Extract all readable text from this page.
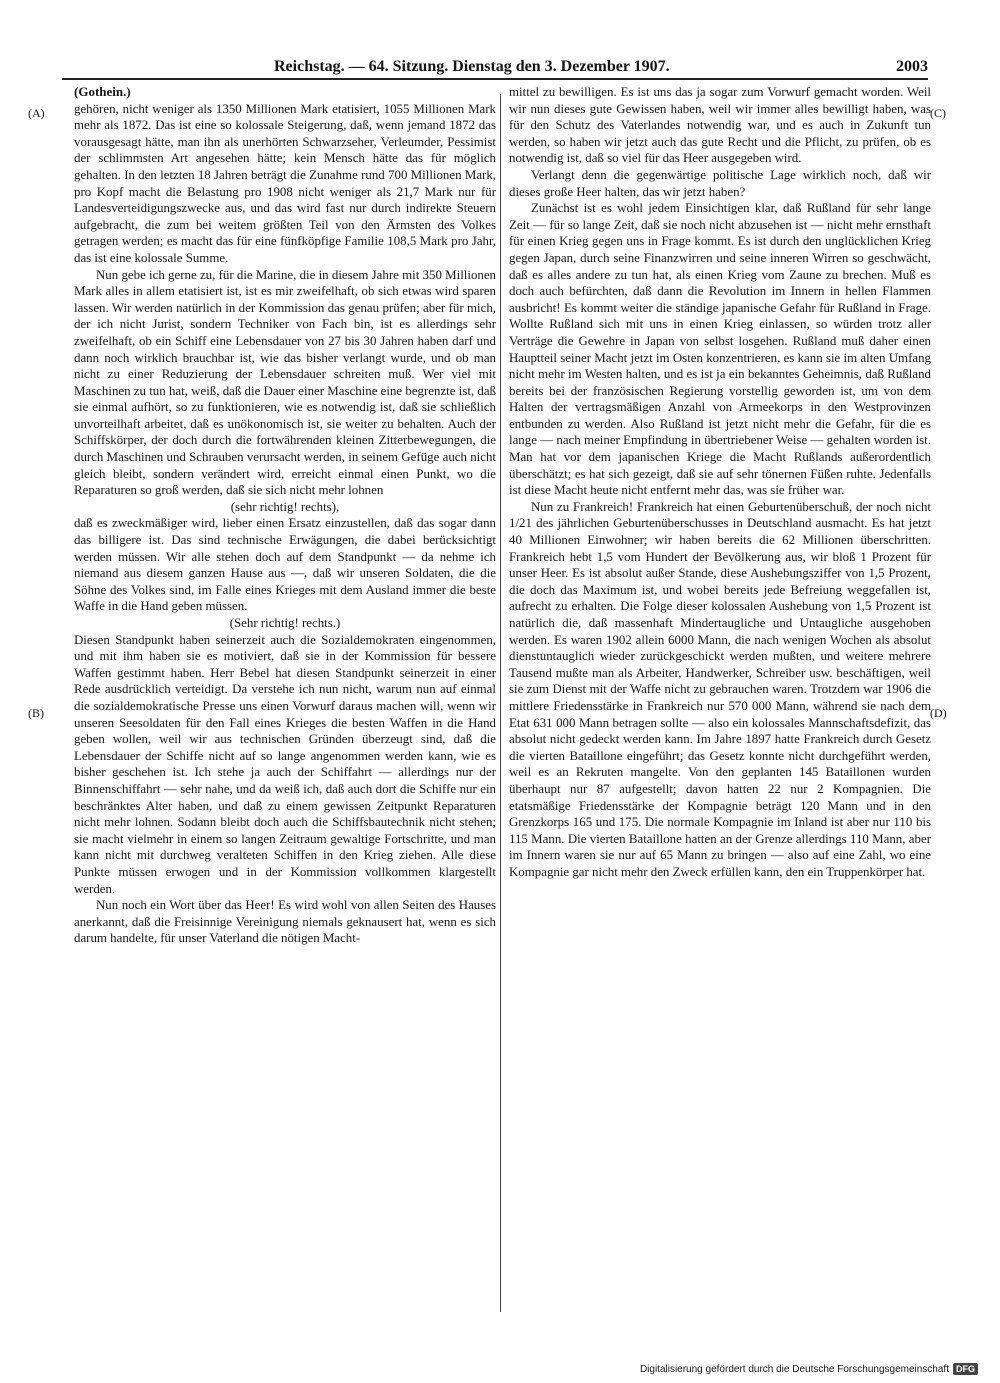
Reichstag. — 64. Sitzung. Dienstag den 3. Dezember 1907.	2003
(A)
(B)
(C)
(D)
(Gothein.)

gehören, nicht weniger als 1350 Millionen Mark etatisiert, 1055 Millionen Mark mehr als 1872. Das ist eine so kolossale Steigerung, daß, wenn jemand 1872 das vorausgesagt hätte, man ihn als unerhörten Schwarzseher, Verleumder, Pessimist der schlimmsten Art angesehen hätte; kein Mensch hätte das für möglich gehalten. In den letzten 18 Jahren beträgt die Zunahme rund 700 Millionen Mark, pro Kopf macht die Belastung pro 1908 nicht weniger als 21,7 Mark nur für Landesverteidigungszwecke aus, und das wird fast nur durch indirekte Steuern aufgebracht, die zum bei weitem größten Teil von den Ärmsten des Volkes getragen werden; es macht das für eine fünfköpfige Familie 108,5 Mark pro Jahr, das ist eine kolossale Summe.

Nun gebe ich gerne zu, für die Marine, die in diesem Jahre mit 350 Millionen Mark alles in allem etatisiert ist, ist es mir zweifelhaft, ob sich etwas wird sparen lassen. Wir werden natürlich in der Kommission das genau prüfen; aber für mich, der ich nicht Jurist, sondern Techniker von Fach bin, ist es allerdings sehr zweifelhaft, ob ein Schiff eine Lebensdauer von 27 bis 30 Jahren haben darf und dann noch wirklich brauchbar ist, wie das bisher verlangt wurde, und ob man nicht zu einer Reduzierung der Lebensdauer schreiten muß. Wer viel mit Maschinen zu tun hat, weiß, daß die Dauer einer Maschine eine begrenzte ist, daß sie einmal aufhört, so zu funktionieren, wie es notwendig ist, daß sie schließlich unvorteilhaft arbeitet, daß es unökonomisch ist, sie weiter zu behalten. Auch der Schiffskörper, der doch durch die fortwährenden kleinen Zitterbewegungen, die durch Maschinen und Schrauben verursacht werden, in seinem Gefüge auch nicht gleich bleibt, sondern verändert wird, erreicht einmal einen Punkt, wo die Reparaturen so groß werden, daß sie sich nicht mehr lohnen

(sehr richtig! rechts),

daß es zweckmäßiger wird, lieber einen Ersatz einzustellen, daß das sogar dann das billigere ist. Das sind technische Erwägungen, die dabei berücksichtigt werden müssen. Wir alle stehen doch auf dem Standpunkt — da nehme ich niemand aus diesem ganzen Hause aus —, daß wir unseren Soldaten, die die Söhne des Volkes sind, im Falle eines Krieges mit dem Ausland immer die beste Waffe in die Hand geben müssen.

(Sehr richtig! rechts.)

Diesen Standpunkt haben seinerzeit auch die Sozialdemokraten eingenommen, und mit ihm haben sie es motiviert, daß sie in der Kommission für bessere Waffen gestimmt haben. Herr Bebel hat diesen Standpunkt seinerzeit in einer Rede ausdrücklich verteidigt. Da verstehe ich nun nicht, warum nun auf einmal die sozialdemokratische Presse uns einen Vorwurf daraus machen will, wenn wir unseren Seesoldaten für den Fall eines Krieges die besten Waffen in die Hand geben wollen, weil wir aus technischen Gründen überzeugt sind, daß die Lebensdauer der Schiffe nicht auf so lange angenommen werden kann, wie es bisher geschehen ist. Ich stehe ja auch der Schiffahrt — allerdings nur der Binnenschiffahrt — sehr nahe, und da weiß ich, daß auch dort die Schiffe nur ein beschränktes Alter haben, und daß zu einem gewissen Zeitpunkt Reparaturen nicht mehr lohnen. Sodann bleibt doch auch die Schiffsbautechnik nicht stehen; sie macht vielmehr in einem so langen Zeitraum gewaltige Fortschritte, und man kann nicht mit durchweg veralteten Schiffen in den Krieg ziehen. Alle diese Punkte müssen erwogen und in der Kommission vollkommen klargestellt werden.

Nun noch ein Wort über das Heer! Es wird wohl von allen Seiten des Hauses anerkannt, daß die Freisinnige Vereinigung niemals geknausert hat, wenn es sich darum handelte, für unser Vaterland die nötigen Macht-

mittel zu bewilligen. Es ist uns das ja sogar zum Vorwurf gemacht worden. Weil wir nun dieses gute Gewissen haben, weil wir immer alles bewilligt haben, was für den Schutz des Vaterlandes notwendig war, und es auch in Zukunft tun werden, so haben wir jetzt auch das gute Recht und die Pflicht, zu prüfen, ob es notwendig ist, daß so viel für das Heer ausgegeben wird.

Verlangt denn die gegenwärtige politische Lage wirklich noch, daß wir dieses große Heer halten, das wir jetzt haben?

Zunächst ist es wohl jedem Einsichtigen klar, daß Rußland für sehr lange Zeit — für so lange Zeit, daß sie noch nicht abzusehen ist — nicht mehr ernsthaft für einen Krieg gegen uns in Frage kommt. Es ist durch den unglücklichen Krieg gegen Japan, durch seine Finanzwirren und seine inneren Wirren so geschwächt, daß es alles andere zu tun hat, als einen Krieg vom Zaune zu brechen. Muß es doch auch befürchten, daß dann die Revolution im Innern in hellen Flammen ausbricht! Es kommt weiter die ständige japanische Gefahr für Rußland in Frage. Wollte Rußland sich mit uns in einen Krieg einlassen, so würden trotz aller Verträge die Gewehre in Japan von selbst losgehen. Rußland muß daher einen Hauptteil seiner Macht jetzt im Osten konzentrieren, es kann sie im alten Umfang nicht mehr im Westen halten, und es ist ja ein bekanntes Geheimnis, daß Rußland bereits bei der französischen Regierung vorstellig geworden ist, um von dem Halten der vertragsmäßigen Anzahl von Armeekorps in den Westprovinzen entbunden zu werden. Also Rußland ist jetzt nicht mehr die Gefahr, für die es lange — nach meiner Empfindung in übertriebener Weise — gehalten worden ist. Man hat vor dem japanischen Kriege die Macht Rußlands außerordentlich überschätzt; es hat sich gezeigt, daß sie auf sehr tönernen Füßen ruhte. Jedenfalls ist diese Macht heute nicht entfernt mehr das, was sie früher war.

Nun zu Frankreich! Frankreich hat einen Geburtenüberschuß, der noch nicht 1/21 des jährlichen Geburtenüberschusses in Deutschland ausmacht. Es hat jetzt 40 Millionen Einwohner; wir haben bereits die 62 Millionen überschritten. Frankreich hebt 1,5 vom Hundert der Bevölkerung aus, wir bloß 1 Prozent für unser Heer. Es ist absolut außer Stande, diese Aushebungsziffer von 1,5 Prozent, die doch das Maximum ist, und wobei bereits jede Befreiung weggefallen ist, aufrecht zu erhalten. Die Folge dieser kolossalen Aushebung von 1,5 Prozent ist natürlich die, daß massenhaft Mindertaugliche und Untaugliche ausgehoben werden. Es waren 1902 allein 6000 Mann, die nach wenigen Wochen als absolut dienstuntauglich wieder zurückgeschickt werden mußten, und weitere mehrere Tausend mußte man als Arbeiter, Handwerker, Schreiber usw. beschäftigen, weil sie zum Dienst mit der Waffe nicht zu gebrauchen waren. Trotzdem war 1906 die mittlere Friedensstärke in Frankreich nur 570 000 Mann, während sie nach dem Etat 631 000 Mann betragen sollte — also ein kolossales Mannschaftsdefizit, das absolut nicht gedeckt werden kann. Im Jahre 1897 hatte Frankreich durch Gesetz die vierten Bataillone eingeführt; das Gesetz konnte nicht durchgeführt werden, weil es an Rekruten mangelte. Von den geplanten 145 Bataillonen wurden überhaupt nur 87 aufgestellt; davon hatten 22 nur 2 Kompagnien. Die etatsmäßige Friedensstärke der Kompagnie beträgt 120 Mann und in den Grenzkorps 165 und 175. Die normale Kompagnie im Inland ist aber nur 110 bis 115 Mann. Die vierten Bataillone hatten an der Grenze allerdings 110 Mann, aber im Innern waren sie nur auf 65 Mann zu bringen — also auf eine Zahl, wo eine Kompagnie gar nicht mehr den Zweck erfüllen kann, den ein Truppenkörper hat.

Digitalisierung gefördert durch die Deutsche Forschungsgemeinschaft DFG
